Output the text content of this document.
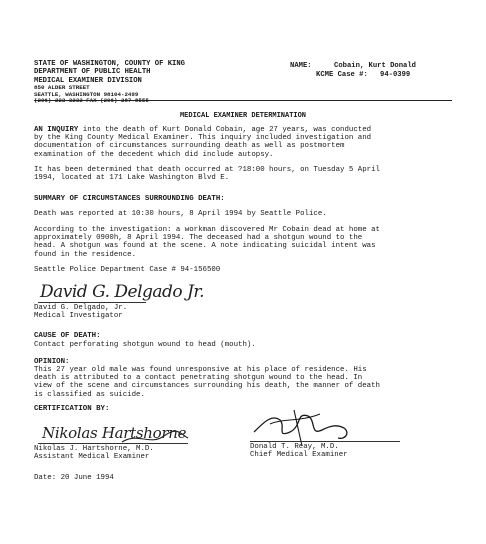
STATE OF WASHINGTON, COUNTY OF KING
DEPARTMENT OF PUBLIC HEALTH
MEDICAL EXAMINER DIVISION
850 ALDER STREET
SEATTLE, WASHINGTON 98104-2499
(206) 223-3232 FAX (206) 287-8555
NAME:	Cobain, Kurt Donald
KCME Case #: 94-0399
MEDICAL EXAMINER DETERMINATION
AN INQUIRY into the death of Kurt Donald Cobain, age 27 years, was conducted
by the King County Medical Examiner. This inquiry included investigation and
documentation of circumstances surrounding death as well as postmortem
examination of the decedent which did include autopsy.
It has been determined that death occurred at ?18:00 hours, on Tuesday 5 April
1994, located at 171 Lake Washington Blvd E.
SUMMARY OF CIRCUMSTANCES SURROUNDING DEATH:
Death was reported at 10:30 hours, 8 April 1994 by Seattle Police.
According to the investigation: a workman discovered Mr Cobain dead at home at
approximately 0900h, 8 April 1994. The deceased had a shotgun wound to the
head. A shotgun was found at the scene. A note indicating suicidal intent was
found in the residence.
Seattle Police Department Case # 94-156500
David G. Delgado Jr.
David G. Delgado, Jr.
Medical Investigator
CAUSE OF DEATH:
Contact perforating shotgun wound to head (mouth).
OPINION:
This 27 year old male was found unresponsive at his place of residence. His
death is attributed to a contact penetrating shotgun wound to the head. In
view of the scene and circumstances surrounding his death, the manner of death
is classified as suicide.
CERTIFICATION BY:
Nikolas Hartshorne
Nikolas J. Hartshorne, M.D.
Assistant Medical Examiner
Donald T. Reay, M.D.
Chief Medical Examiner
Date: 20 June 1994
